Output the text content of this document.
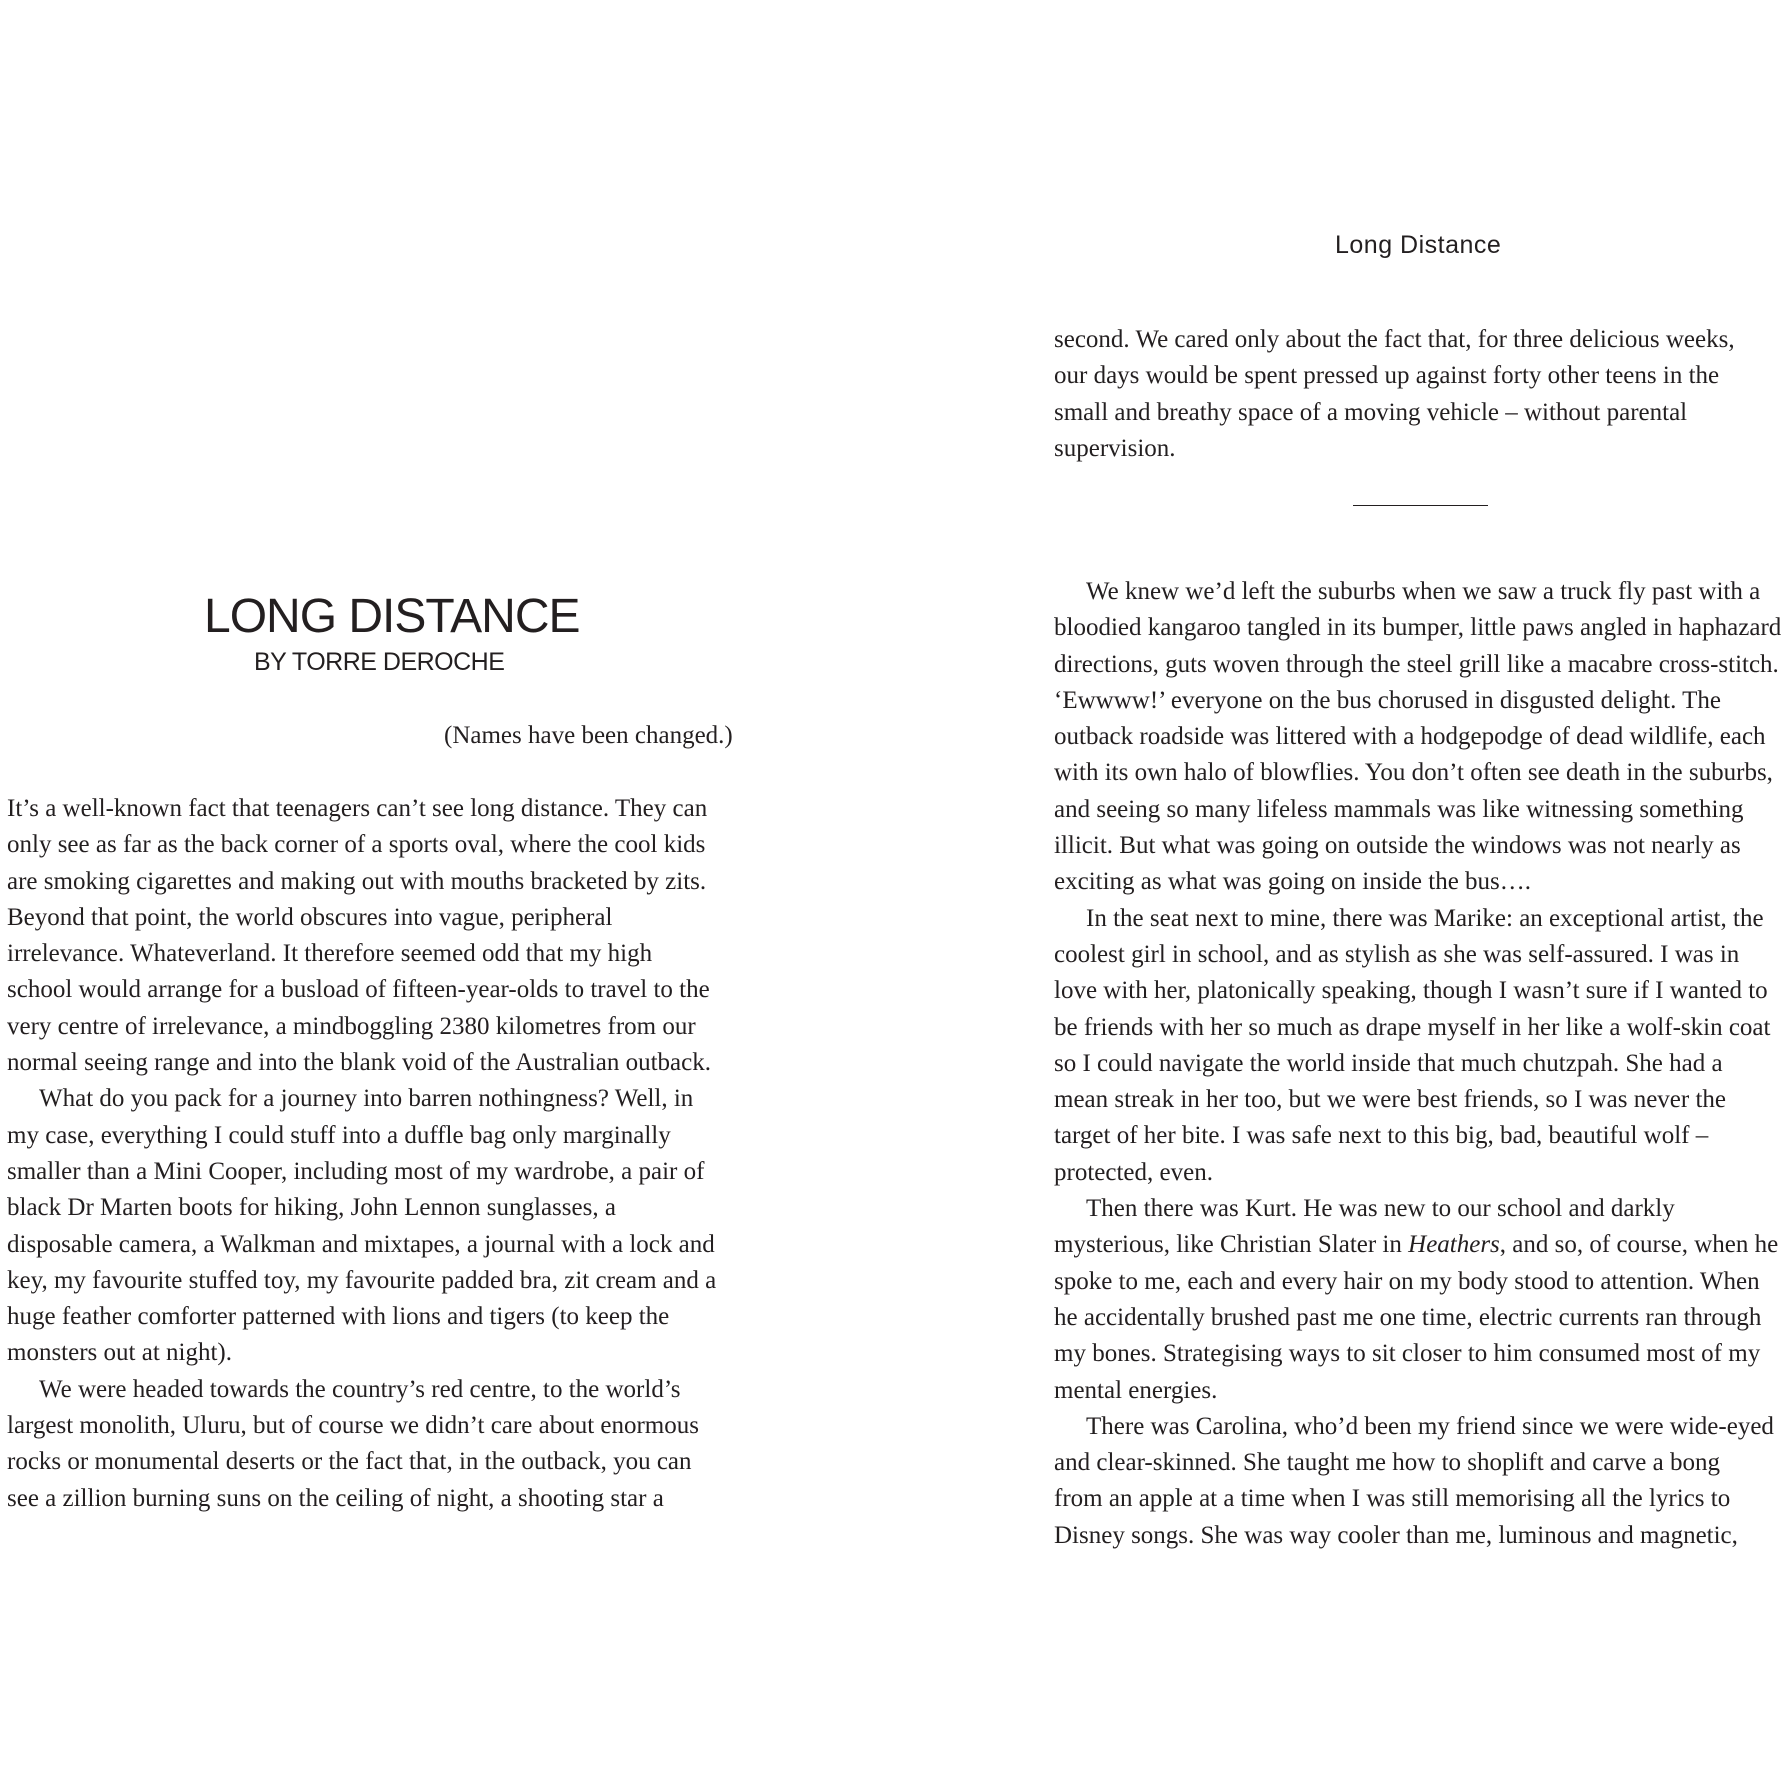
LONG DISTANCE
BY TORRE DEROCHE
(Names have been changed.)
It’s a well-known fact that teenagers can’t see long distance. They can
only see as far as the back corner of a sports oval, where the cool kids
are smoking cigarettes and making out with mouths bracketed by zits.
Beyond that point, the world obscures into vague, peripheral
irrelevance. Whateverland. It therefore seemed odd that my high
school would arrange for a busload of fifteen-year-olds to travel to the
very centre of irrelevance, a mindboggling 2380 kilometres from our
normal seeing range and into the blank void of the Australian outback.
What do you pack for a journey into barren nothingness? Well, in
my case, everything I could stuff into a duffle bag only marginally
smaller than a Mini Cooper, including most of my wardrobe, a pair of
black Dr Marten boots for hiking, John Lennon sunglasses, a
disposable camera, a Walkman and mixtapes, a journal with a lock and
key, my favourite stuffed toy, my favourite padded bra, zit cream and a
huge feather comforter patterned with lions and tigers (to keep the
monsters out at night).
We were headed towards the country’s red centre, to the world’s
largest monolith, Uluru, but of course we didn’t care about enormous
rocks or monumental deserts or the fact that, in the outback, you can
see a zillion burning suns on the ceiling of night, a shooting star a
Long Distance
second. We cared only about the fact that, for three delicious weeks,
our days would be spent pressed up against forty other teens in the
small and breathy space of a moving vehicle – without parental
supervision.
We knew we’d left the suburbs when we saw a truck fly past with a
bloodied kangaroo tangled in its bumper, little paws angled in haphazard
directions, guts woven through the steel grill like a macabre cross-stitch.
‘Ewwww!’ everyone on the bus chorused in disgusted delight. The
outback roadside was littered with a hodgepodge of dead wildlife, each
with its own halo of blowflies. You don’t often see death in the suburbs,
and seeing so many lifeless mammals was like witnessing something
illicit. But what was going on outside the windows was not nearly as
exciting as what was going on inside the bus….
In the seat next to mine, there was Marike: an exceptional artist, the
coolest girl in school, and as stylish as she was self-assured. I was in
love with her, platonically speaking, though I wasn’t sure if I wanted to
be friends with her so much as drape myself in her like a wolf-skin coat
so I could navigate the world inside that much chutzpah. She had a
mean streak in her too, but we were best friends, so I was never the
target of her bite. I was safe next to this big, bad, beautiful wolf –
protected, even.
Then there was Kurt. He was new to our school and darkly
mysterious, like Christian Slater in Heathers, and so, of course, when he
spoke to me, each and every hair on my body stood to attention. When
he accidentally brushed past me one time, electric currents ran through
my bones. Strategising ways to sit closer to him consumed most of my
mental energies.
There was Carolina, who’d been my friend since we were wide-eyed
and clear-skinned. She taught me how to shoplift and carve a bong
from an apple at a time when I was still memorising all the lyrics to
Disney songs. She was way cooler than me, luminous and magnetic,
